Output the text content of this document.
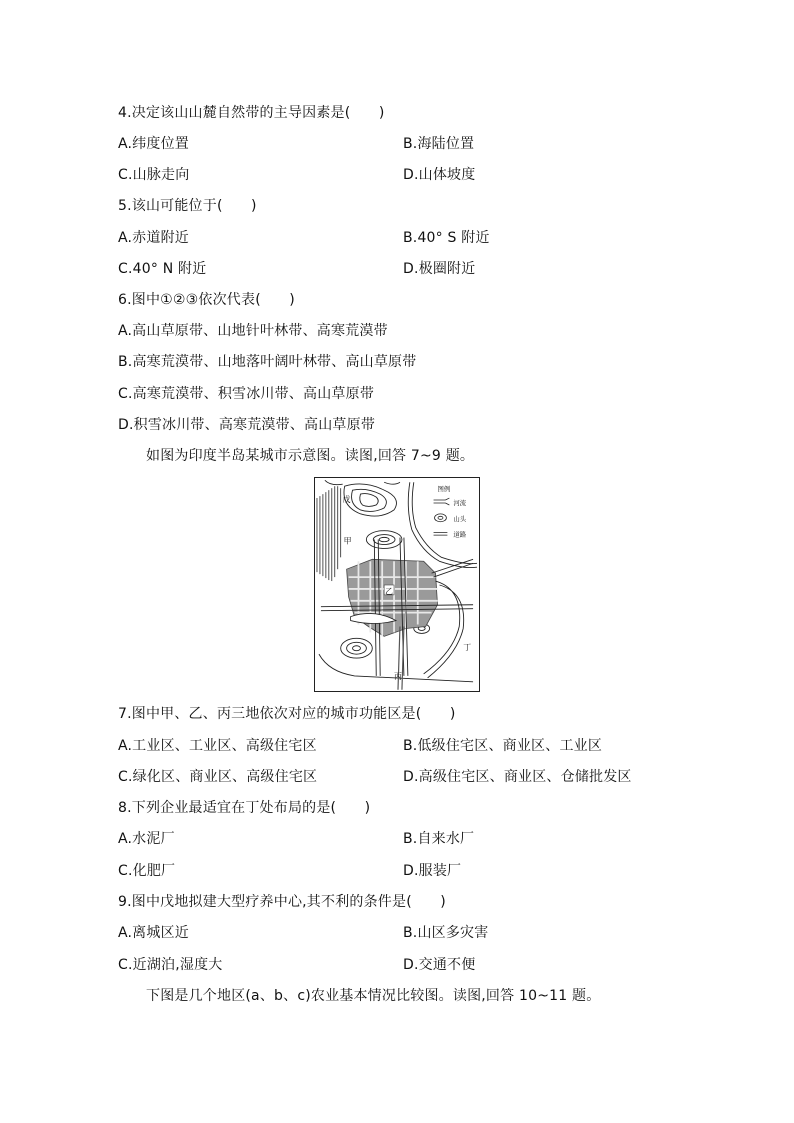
4.决定该山山麓自然带的主导因素是(　　)
A.纬度位置	B.海陆位置
C.山脉走向	D.山体坡度
5.该山可能位于(　　)
A.赤道附近	B.40° S 附近
C.40° N 附近	D.极圈附近
6.图中①②③依次代表(　　)
A.高山草原带、山地针叶林带、高寒荒漠带
B.高寒荒漠带、山地落叶阔叶林带、高山草原带
C.高寒荒漠带、积雪冰川带、高山草原带
D.积雪冰川带、高寒荒漠带、高山草原带
如图为印度半岛某城市示意图。读图,回答 7~9 题。
图例
河流
山头
道路
戊
甲
乙
丙
丁
7.图中甲、乙、丙三地依次对应的城市功能区是(　　)
A.工业区、工业区、高级住宅区	B.低级住宅区、商业区、工业区
C.绿化区、商业区、高级住宅区	D.高级住宅区、商业区、仓储批发区
8.下列企业最适宜在丁处布局的是(　　)
A.水泥厂	B.自来水厂
C.化肥厂	D.服装厂
9.图中戊地拟建大型疗养中心,其不利的条件是(　　)
A.离城区近	B.山区多灾害
C.近湖泊,湿度大	D.交通不便
下图是几个地区(a、b、c)农业基本情况比较图。读图,回答 10~11 题。
